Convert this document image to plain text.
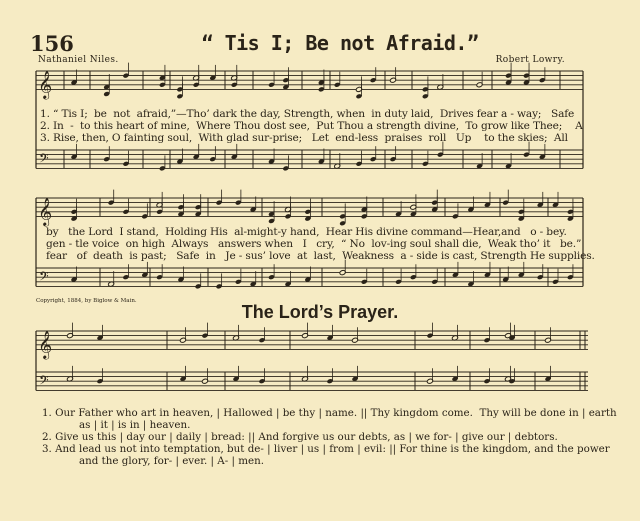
156	“ Tis I; Be not Afraid.”
Nathaniel Niles.	Robert Lowry.
𝄞
𝄢
𝄞
𝄢
𝄞
𝄢
1. “ Tis I;  be  not  afraid,”—Tho’ dark the day, Strength, when  in duty laid,  Drives fear a - way;   Safe
2. In  -  to this heart of mine,  Where Thou dost see,  Put Thou a strength divine,  To grow like Thee;    A
3. Rise, then, O fainting soul,  With glad sur-prise;   Let  end-less  praises  roll   Up    to the skies;  All
by   the Lord  I stand,  Holding His  al-might-y hand,  Hear His divine command—Hear,and   o - bey.
gen - tle voice  on high  Always   answers when   I   cry,  “ No  lov-ing soul shall die,  Weak tho’ it   be.”
fear   of  death  is past;   Safe  in   Je - sus’ love  at  last,  Weakness  a - side is cast, Strength He supplies.
Copyright, 1884, by Biglow & Main.
The Lord’s Prayer.
1. Our Father who art in heaven, | Hallowed | be thy | name. || Thy kingdom come.  Thy will be done in | earth
as | it | is in | heaven.
2. Give us this | day our | daily | bread: || And forgive us our debts, as | we for- | give our | debtors.
3. And lead us not into temptation, but de- | liver | us | from | evil: || For thine is the kingdom, and the power
and the glory, for- | ever. | A- | men.
